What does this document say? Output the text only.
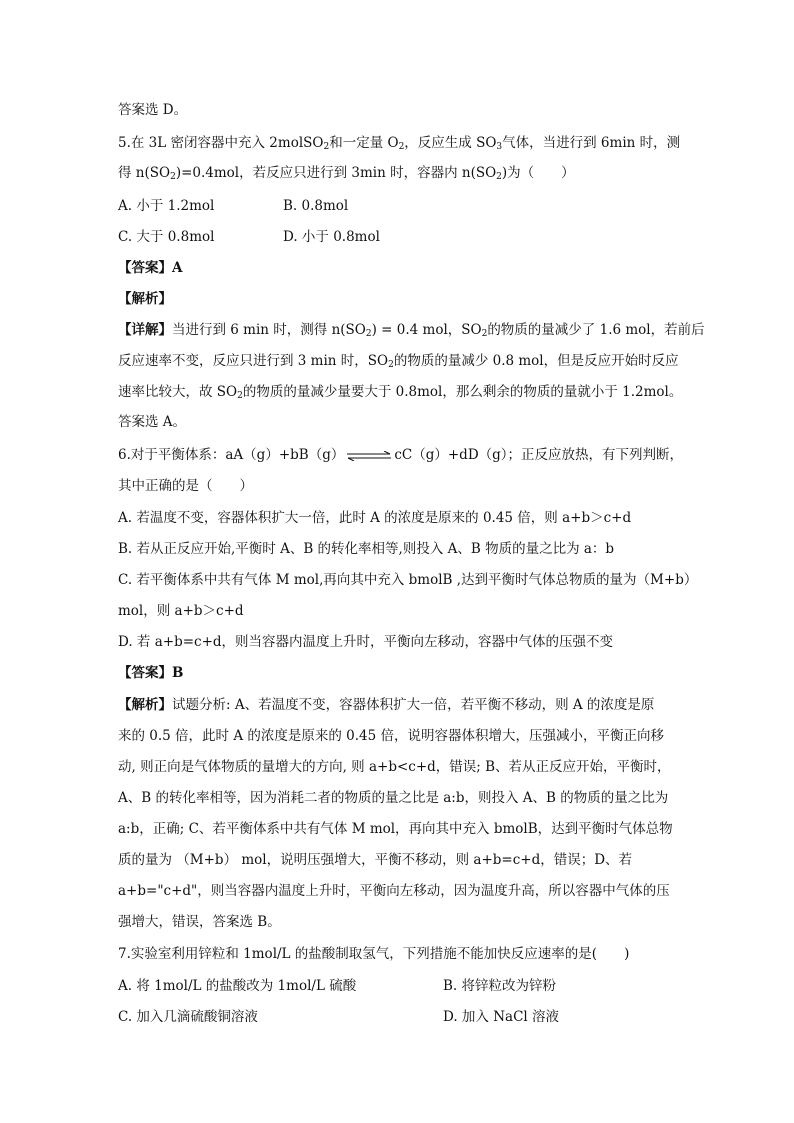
答案选 D。
5.在 3L 密闭容器中充入 2molSO$_2$和一定量 $O_2$，反应生成 $SO_3$气体，当进行到 6min 时，测
得 $n(SO_2)=0.4mol$，若反应只进行到 3min 时，容器内 $n(SO_2)$为（　　）
A. 小于 1.2mol	B. 0.8mol
C. 大于 0.8mol	D. 小于 0.8mol
【答案】A
【解析】
【详解】当进行到 6 min 时，测得 $n(SO_2) = 0.4$ mol，$SO_2$的物质的量减少了 1.6 mol，若前后
反应速率不变，反应只进行到 3 min 时，$SO_2$的物质的量减少 0.8 mol，但是反应开始时反应
速率比较大，故 $SO_2$的物质的量减少量要大于 0.8mol，那么剩余的物质的量就小于 1.2mol。
答案选 A。
6.对于平衡体系：aA（g）+bB（g） ⇌ cC（g）+dD（g）；正反应放热，有下列判断，
其中正确的是（　　）
A. 若温度不变，容器体积扩大一倍，此时 A 的浓度是原来的 0.45 倍，则 a+b＞c+d
B. 若从正反应开始,平衡时 A、B 的转化率相等,则投入 A、B 物质的量之比为 a：b
C. 若平衡体系中共有气体 M mol,再向其中充入 bmolB ,达到平衡时气体总物质的量为（M+b）
mol，则 a+b＞c+d
D. 若 a+b=c+d，则当容器内温度上升时，平衡向左移动，容器中气体的压强不变
【答案】B
【解析】试题分析: A、若温度不变，容器体积扩大一倍，若平衡不移动，则 A 的浓度是原
来的 0.5 倍，此时 A 的浓度是原来的 0.45 倍，说明容器体积增大，压强减小，平衡正向移
动, 则正向是气体物质的量增大的方向, 则 a+b<c+d，错误; B、若从正反应开始，平衡时，
A、B 的转化率相等，因为消耗二者的物质的量之比是 a:b，则投入 A、B 的物质的量之比为
a:b，正确; C、若平衡体系中共有气体 M mol，再向其中充入 bmolB，达到平衡时气体总物
质的量为 （M+b） mol，说明压强增大，平衡不移动，则 a+b=c+d，错误；D、若
a+b="c+d"，则当容器内温度上升时，平衡向左移动，因为温度升高，所以容器中气体的压
强增大，错误，答案选 B。
7.实验室利用锌粒和 1mol/L 的盐酸制取氢气，下列措施不能加快反应速率的是(　　)
A. 将 1mol/L 的盐酸改为 1mol/L 硫酸	B. 将锌粒改为锌粉
C. 加入几滴硫酸铜溶液	D. 加入 NaCl 溶液
